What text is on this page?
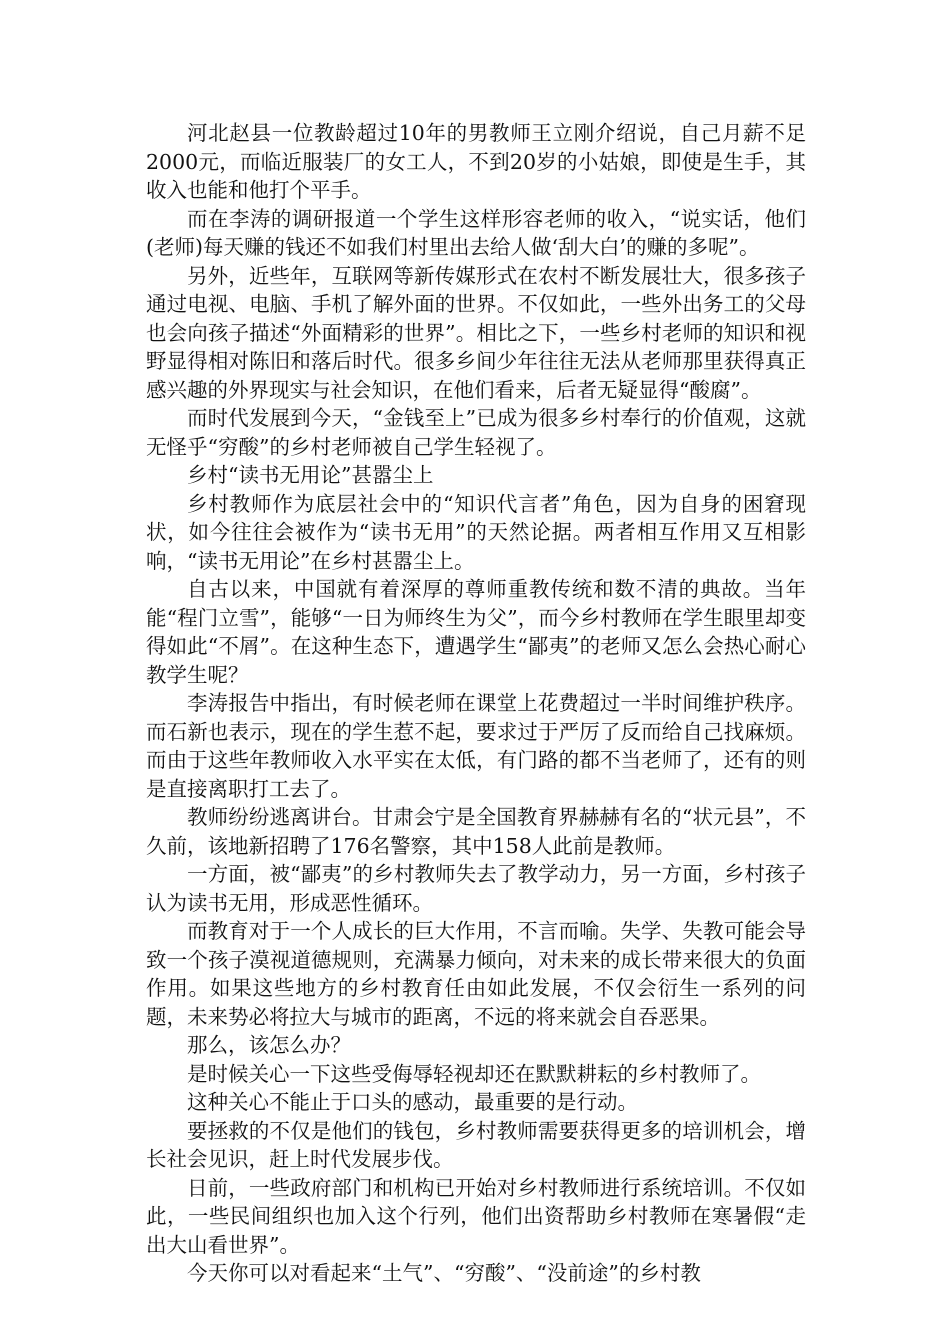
河北赵县一位教龄超过10年的男教师王立刚介绍说，自己月薪不足2000元，而临近服装厂的女工人，不到20岁的小姑娘，即使是生手，其收入也能和他打个平手。

而在李涛的调研报道一个学生这样形容老师的收入，“说实话，他们(老师)每天赚的钱还不如我们村里出去给人做‘刮大白’的赚的多呢”。

另外，近些年，互联网等新传媒形式在农村不断发展壮大，很多孩子通过电视、电脑、手机了解外面的世界。不仅如此，一些外出务工的父母也会向孩子描述“外面精彩的世界”。相比之下，一些乡村老师的知识和视野显得相对陈旧和落后时代。很多乡间少年往往无法从老师那里获得真正感兴趣的外界现实与社会知识，在他们看来，后者无疑显得“酸腐”。

而时代发展到今天，“金钱至上”已成为很多乡村奉行的价值观，这就无怪乎“穷酸”的乡村老师被自己学生轻视了。

乡村“读书无用论”甚嚣尘上

乡村教师作为底层社会中的“知识代言者”角色，因为自身的困窘现状，如今往往会被作为“读书无用”的天然论据。两者相互作用又互相影响，“读书无用论”在乡村甚嚣尘上。

自古以来，中国就有着深厚的尊师重教传统和数不清的典故。当年能“程门立雪”，能够“一日为师终生为父”，而今乡村教师在学生眼里却变得如此“不屑”。在这种生态下，遭遇学生“鄙夷”的老师又怎么会热心耐心教学生呢？

李涛报告中指出，有时候老师在课堂上花费超过一半时间维护秩序。而石新也表示，现在的学生惹不起，要求过于严厉了反而给自己找麻烦。而由于这些年教师收入水平实在太低，有门路的都不当老师了，还有的则是直接离职打工去了。

教师纷纷逃离讲台。甘肃会宁是全国教育界赫赫有名的“状元县”，不久前，该地新招聘了176名警察，其中158人此前是教师。

一方面，被“鄙夷”的乡村教师失去了教学动力，另一方面，乡村孩子认为读书无用，形成恶性循环。

而教育对于一个人成长的巨大作用，不言而喻。失学、失教可能会导致一个孩子漠视道德规则，充满暴力倾向，对未来的成长带来很大的负面作用。如果这些地方的乡村教育任由如此发展，不仅会衍生一系列的问题，未来势必将拉大与城市的距离，不远的将来就会自吞恶果。

那么，该怎么办？

是时候关心一下这些受侮辱轻视却还在默默耕耘的乡村教师了。

这种关心不能止于口头的感动，最重要的是行动。

要拯救的不仅是他们的钱包，乡村教师需要获得更多的培训机会，增长社会见识，赶上时代发展步伐。

日前，一些政府部门和机构已开始对乡村教师进行系统培训。不仅如此，一些民间组织也加入这个行列，他们出资帮助乡村教师在寒暑假“走出大山看世界”。

今天你可以对看起来“土气”、“穷酸”、“没前途”的乡村教
